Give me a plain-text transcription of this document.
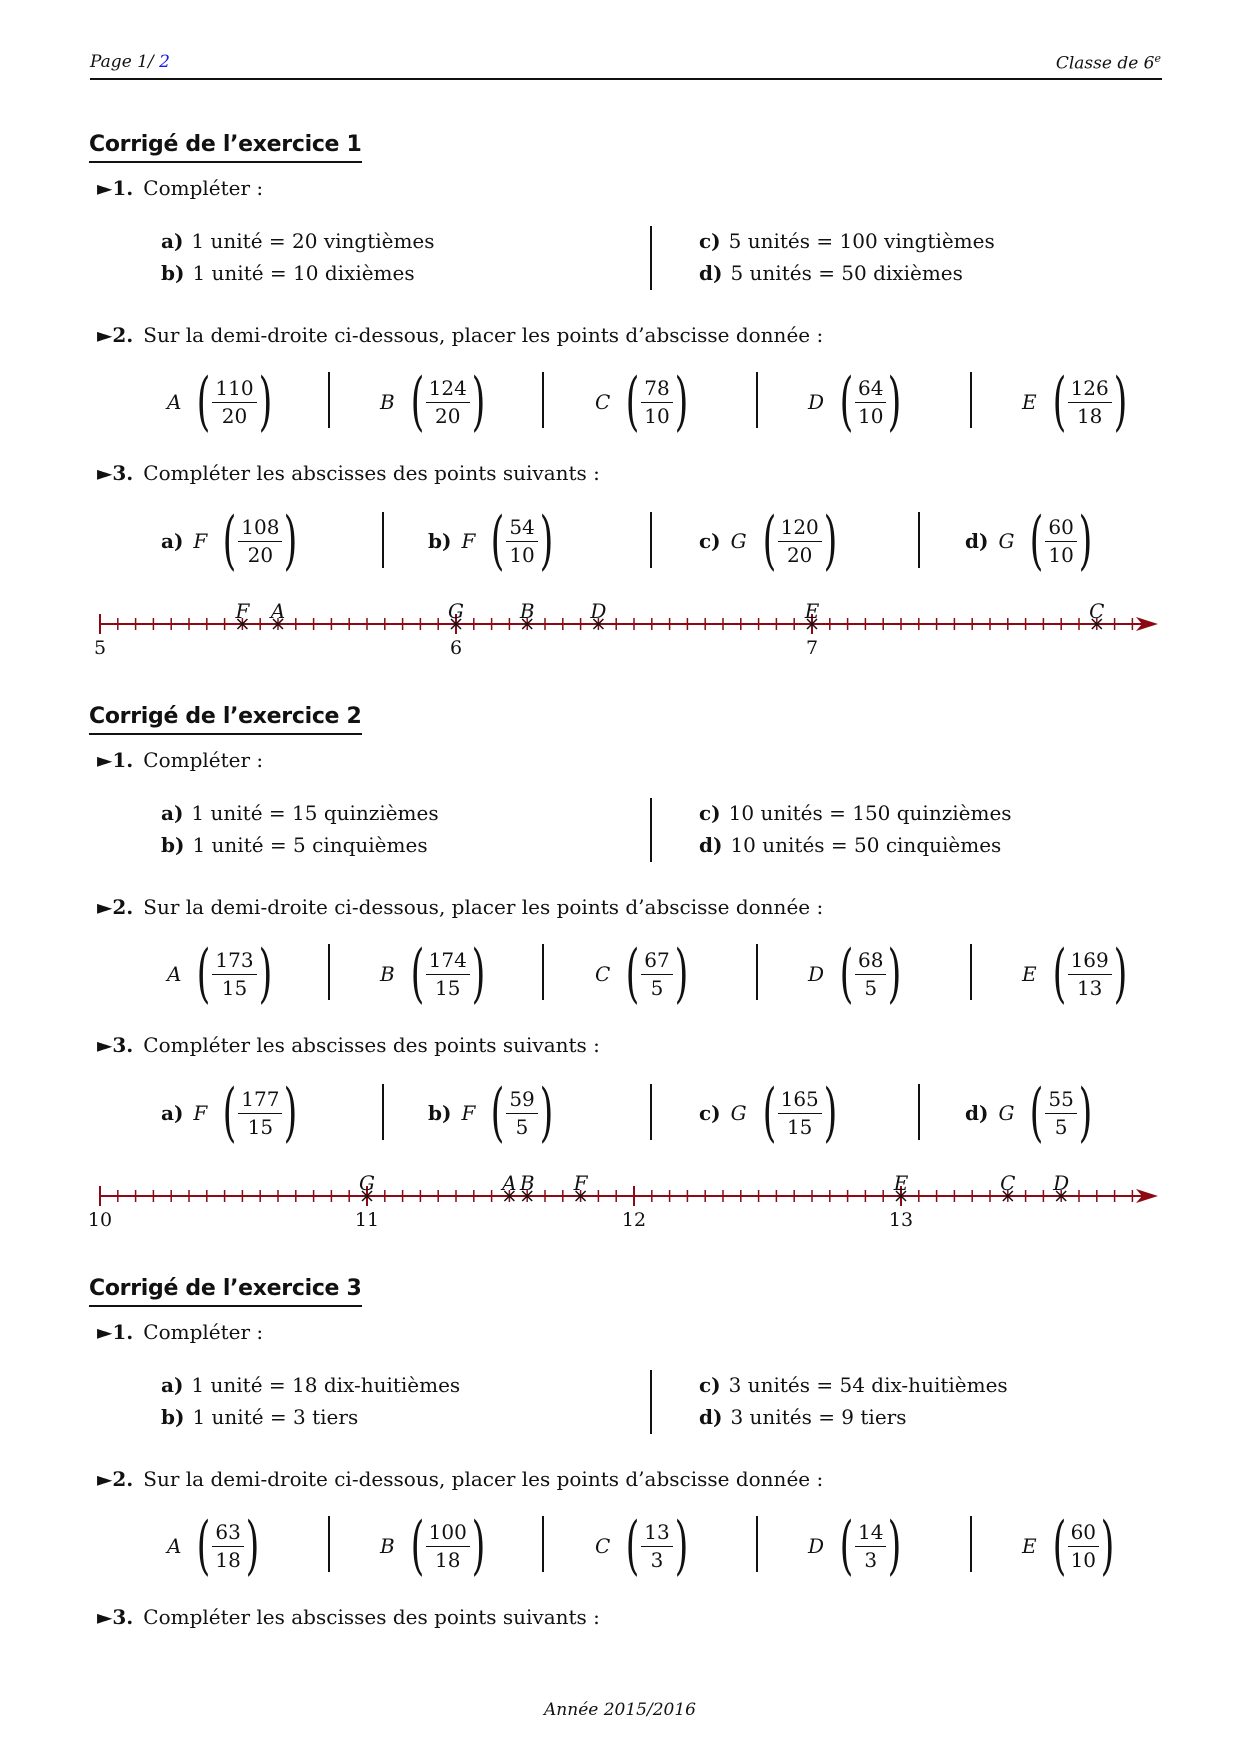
Page 1/ 2	Classe de 6e
Corrigé de l’exercice 1
►1. Compléter :
a) 1 unité = 20 vingtièmes
b) 1 unité = 10 dixièmes
c) 5 unités = 100 vingtièmes
d) 5 unités = 50 dixièmes
►2. Sur la demi-droite ci-dessous, placer les points d’abscisse donnée :
A ( $\frac{110}{20}$ )	B ( $\frac{124}{20}$ )	C ( $\frac{78}{10}$ )	D ( $\frac{64}{10}$ )	E ( $\frac{126}{18}$ )
►3. Compléter les abscisses des points suivants :
a) F ( $\frac{108}{20}$ )	b) F ( $\frac{54}{10}$ )	c) G ( $\frac{120}{20}$ )	d) G ( $\frac{60}{10}$ )
5	6	7
F A	G	B	D	E	C
Corrigé de l’exercice 2
►1. Compléter :
a) 1 unité = 15 quinzièmes
b) 1 unité = 5 cinquièmes
c) 10 unités = 150 quinzièmes
d) 10 unités = 50 cinquièmes
►2. Sur la demi-droite ci-dessous, placer les points d’abscisse donnée :
A ( $\frac{173}{15}$ )	B ( $\frac{174}{15}$ )	C ( $\frac{67}{5}$ )	D ( $\frac{68}{5}$ )	E ( $\frac{169}{13}$ )
►3. Compléter les abscisses des points suivants :
a) F ( $\frac{177}{15}$ )	b) F ( $\frac{59}{5}$ )	c) G ( $\frac{165}{15}$ )	d) G ( $\frac{55}{5}$ )
10	11	12	13
G	A B F	E	C D
Corrigé de l’exercice 3
►1. Compléter :
a) 1 unité = 18 dix-huitièmes
b) 1 unité = 3 tiers
c) 3 unités = 54 dix-huitièmes
d) 3 unités = 9 tiers
►2. Sur la demi-droite ci-dessous, placer les points d’abscisse donnée :
A ( $\frac{63}{18}$ )	B ( $\frac{100}{18}$ )	C ( $\frac{13}{3}$ )	D ( $\frac{14}{3}$ )	E ( $\frac{60}{10}$ )
►3. Compléter les abscisses des points suivants :
Année 2015/2016
